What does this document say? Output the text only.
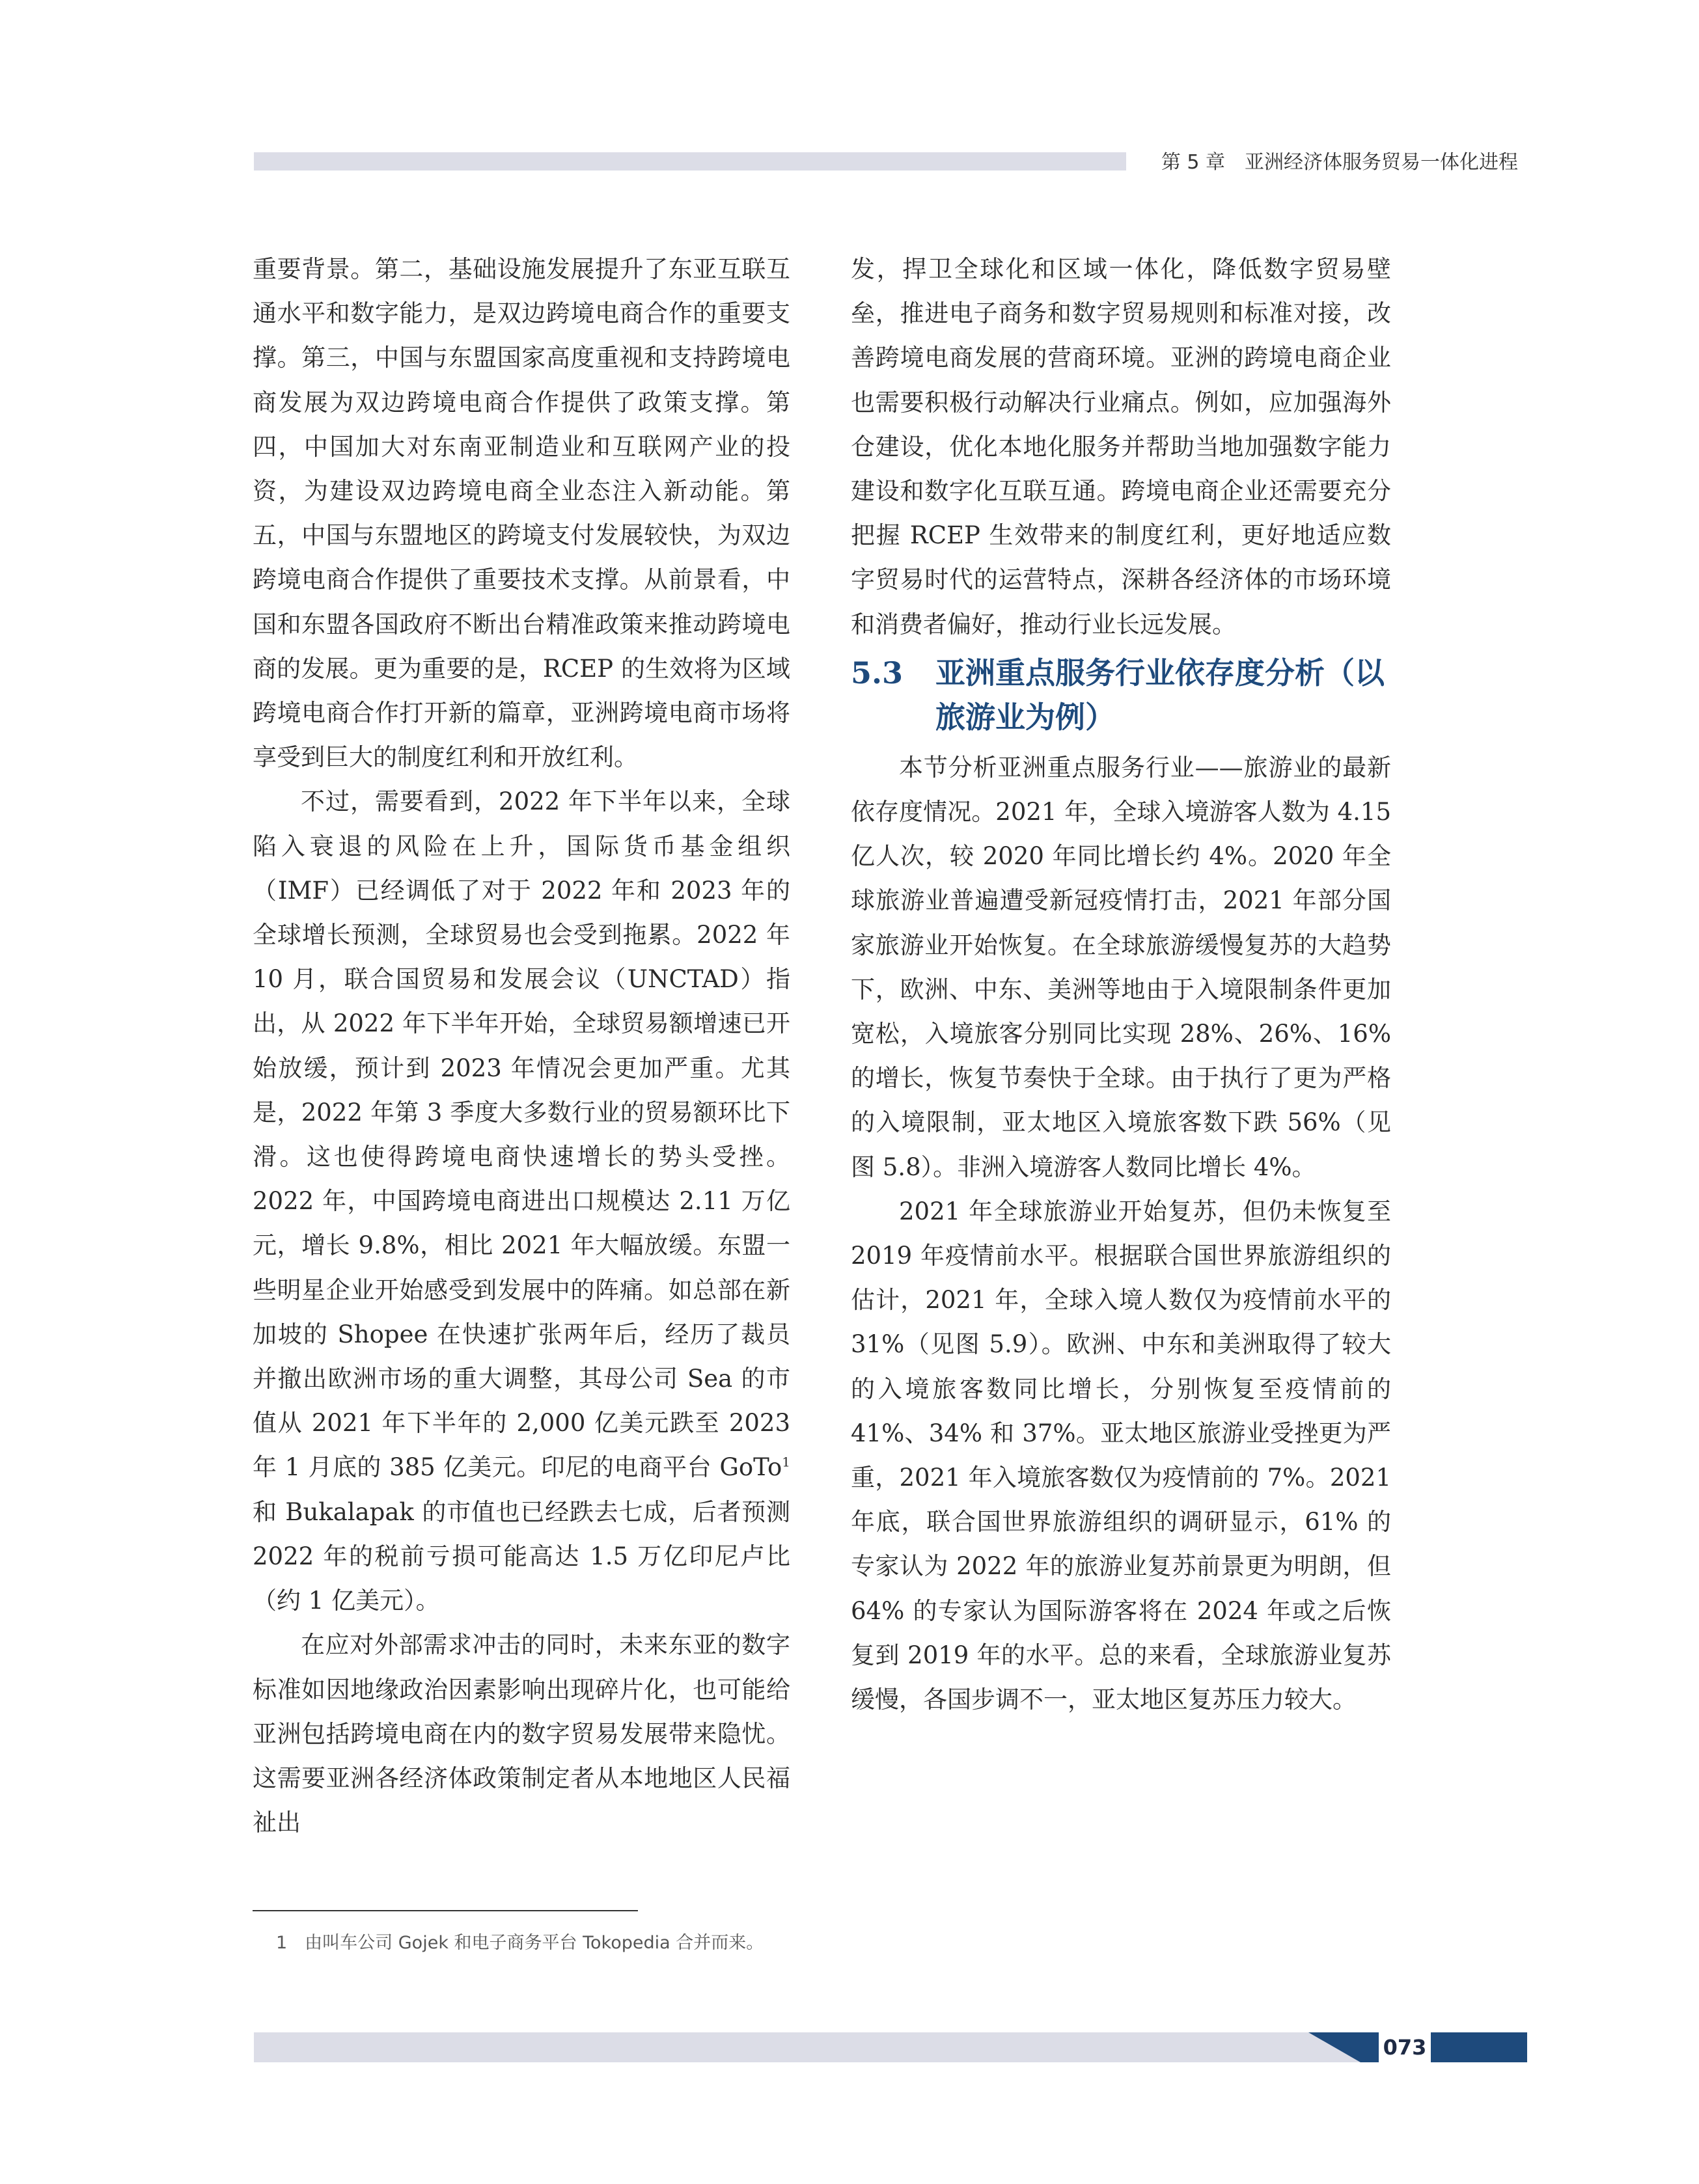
第 5 章　亚洲经济体服务贸易一体化进程

重要背景。第二，基础设施发展提升了东亚互联互通水平和数字能力，是双边跨境电商合作的重要支撑。第三，中国与东盟国家高度重视和支持跨境电商发展为双边跨境电商合作提供了政策支撑。第四，中国加大对东南亚制造业和互联网产业的投资，为建设双边跨境电商全业态注入新动能。第五，中国与东盟地区的跨境支付发展较快，为双边跨境电商合作提供了重要技术支撑。从前景看，中国和东盟各国政府不断出台精准政策来推动跨境电商的发展。更为重要的是，RCEP 的生效将为区域跨境电商合作打开新的篇章，亚洲跨境电商市场将享受到巨大的制度红利和开放红利。

不过，需要看到，2022 年下半年以来，全球陷入衰退的风险在上升，国际货币基金组织（IMF）已经调低了对于 2022 年和 2023 年的全球增长预测，全球贸易也会受到拖累。2022 年 10 月，联合国贸易和发展会议（UNCTAD）指出，从 2022 年下半年开始，全球贸易额增速已开始放缓，预计到 2023 年情况会更加严重。尤其是，2022 年第 3 季度大多数行业的贸易额环比下滑。这也使得跨境电商快速增长的势头受挫。2022 年，中国跨境电商进出口规模达 2.11 万亿元，增长 9.8%，相比 2021 年大幅放缓。东盟一些明星企业开始感受到发展中的阵痛。如总部在新加坡的 Shopee 在快速扩张两年后，经历了裁员并撤出欧洲市场的重大调整，其母公司 Sea 的市值从 2021 年下半年的 2,000 亿美元跌至 2023 年 1 月底的 385 亿美元。印尼的电商平台 GoTo$^1$和 Bukalapak 的市值也已经跌去七成，后者预测 2022 年的税前亏损可能高达 1.5 万亿印尼卢比（约 1 亿美元）。

在应对外部需求冲击的同时，未来东亚的数字标准如因地缘政治因素影响出现碎片化，也可能给亚洲包括跨境电商在内的数字贸易发展带来隐忧。这需要亚洲各经济体政策制定者从本地地区人民福祉出

发，捍卫全球化和区域一体化，降低数字贸易壁垒，推进电子商务和数字贸易规则和标准对接，改善跨境电商发展的营商环境。亚洲的跨境电商企业也需要积极行动解决行业痛点。例如，应加强海外仓建设，优化本地化服务并帮助当地加强数字能力建设和数字化互联互通。跨境电商企业还需要充分把握 RCEP 生效带来的制度红利，更好地适应数字贸易时代的运营特点，深耕各经济体的市场环境和消费者偏好，推动行业长远发展。

5.3	亚洲重点服务行业依存度分析（以旅游业为例）

本节分析亚洲重点服务行业——旅游业的最新依存度情况。2021 年，全球入境游客人数为 4.15 亿人次，较 2020 年同比增长约 4%。2020 年全球旅游业普遍遭受新冠疫情打击，2021 年部分国家旅游业开始恢复。在全球旅游缓慢复苏的大趋势下，欧洲、中东、美洲等地由于入境限制条件更加宽松，入境旅客分别同比实现 28%、26%、16% 的增长，恢复节奏快于全球。由于执行了更为严格的入境限制，亚太地区入境旅客数下跌 56%（见图 5.8）。非洲入境游客人数同比增长 4%。

2021 年全球旅游业开始复苏，但仍未恢复至 2019 年疫情前水平。根据联合国世界旅游组织的估计，2021 年，全球入境人数仅为疫情前水平的 31%（见图 5.9）。欧洲、中东和美洲取得了较大的入境旅客数同比增长，分别恢复至疫情前的 41%、34% 和 37%。亚太地区旅游业受挫更为严重，2021 年入境旅客数仅为疫情前的 7%。2021 年底，联合国世界旅游组织的调研显示，61% 的专家认为 2022 年的旅游业复苏前景更为明朗，但 64% 的专家认为国际游客将在 2024 年或之后恢复到 2019 年的水平。总的来看，全球旅游业复苏缓慢，各国步调不一，亚太地区复苏压力较大。

1　由叫车公司 Gojek 和电子商务平台 Tokopedia 合并而来。
073
